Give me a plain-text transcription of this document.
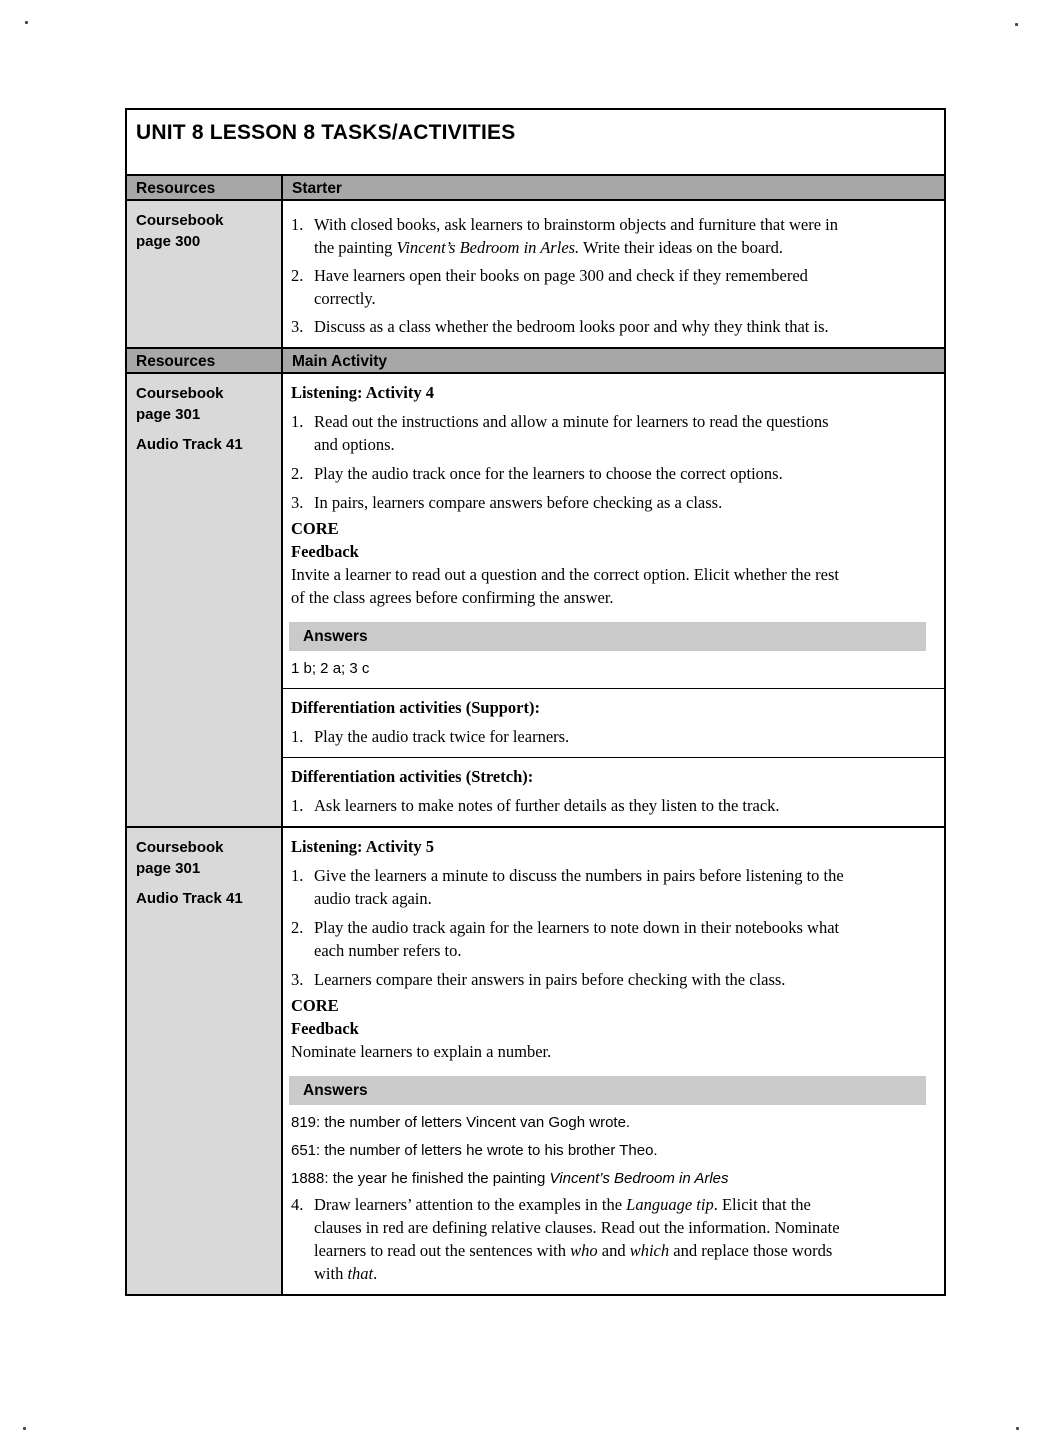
UNIT 8 LESSON 8 TASKS/ACTIVITIES
Resources	Starter
Coursebook
page 300
1. With closed books, ask learners to brainstorm objects and furniture that were in
the painting Vincent’s Bedroom in Arles. Write their ideas on the board.
2. Have learners open their books on page 300 and check if they remembered
correctly.
3. Discuss as a class whether the bedroom looks poor and why they think that is.
Resources	Main Activity
Coursebook
page 301
Audio Track 41
Listening: Activity 4
1. Read out the instructions and allow a minute for learners to read the questions
and options.
2. Play the audio track once for the learners to choose the correct options.
3. In pairs, learners compare answers before checking as a class.
CORE
Feedback
Invite a learner to read out a question and the correct option. Elicit whether the rest
of the class agrees before confirming the answer.
Answers
1 b; 2 a; 3 c
Differentiation activities (Support):
1. Play the audio track twice for learners.
Differentiation activities (Stretch):
1. Ask learners to make notes of further details as they listen to the track.
Coursebook
page 301
Audio Track 41
Listening: Activity 5
1. Give the learners a minute to discuss the numbers in pairs before listening to the
audio track again.
2. Play the audio track again for the learners to note down in their notebooks what
each number refers to.
3. Learners compare their answers in pairs before checking with the class.
CORE
Feedback
Nominate learners to explain a number.
Answers
819: the number of letters Vincent van Gogh wrote.
651: the number of letters he wrote to his brother Theo.
1888: the year he finished the painting Vincent’s Bedroom in Arles
4. Draw learners’ attention to the examples in the Language tip. Elicit that the
clauses in red are defining relative clauses. Read out the information. Nominate
learners to read out the sentences with who and which and replace those words
with that.
